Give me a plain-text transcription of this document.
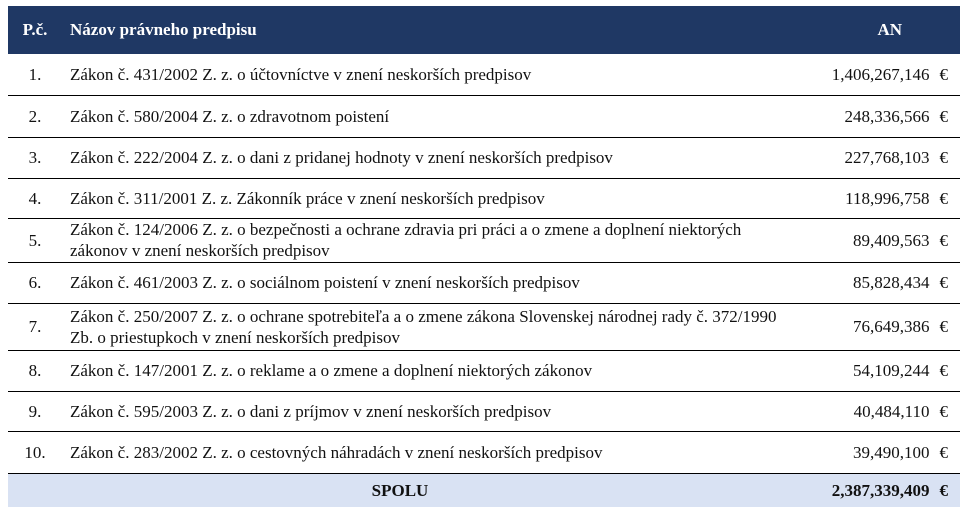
P.č.	Názov právneho predpisu	AN
1.	Zákon č. 431/2002 Z. z. o účtovníctve v znení neskorších predpisov	1,406,267,146 €
2.	Zákon č. 580/2004 Z. z. o zdravotnom poistení	248,336,566 €
3.	Zákon č. 222/2004 Z. z. o dani z pridanej hodnoty v znení neskorších predpisov	227,768,103 €
4.	Zákon č. 311/2001 Z. z. Zákonník práce v znení neskorších predpisov	118,996,758 €
5.	Zákon č. 124/2006 Z. z. o bezpečnosti a ochrane zdravia pri práci a o zmene a doplnení niektorých zákonov v znení neskorších predpisov	89,409,563 €
6.	Zákon č. 461/2003 Z. z. o sociálnom poistení v znení neskorších predpisov	85,828,434 €
7.	Zákon č. 250/2007 Z. z. o ochrane spotrebiteľa a o zmene zákona Slovenskej národnej rady č. 372/1990 Zb. o priestupkoch v znení neskorších predpisov	76,649,386 €
8.	Zákon č. 147/2001 Z. z. o reklame a o zmene a doplnení niektorých zákonov	54,109,244 €
9.	Zákon č. 595/2003 Z. z. o dani z príjmov v znení neskorších predpisov	40,484,110 €
10.	Zákon č. 283/2002 Z. z. o cestovných náhradách v znení neskorších predpisov	39,490,100 €
SPOLU		2,387,339,409 €
